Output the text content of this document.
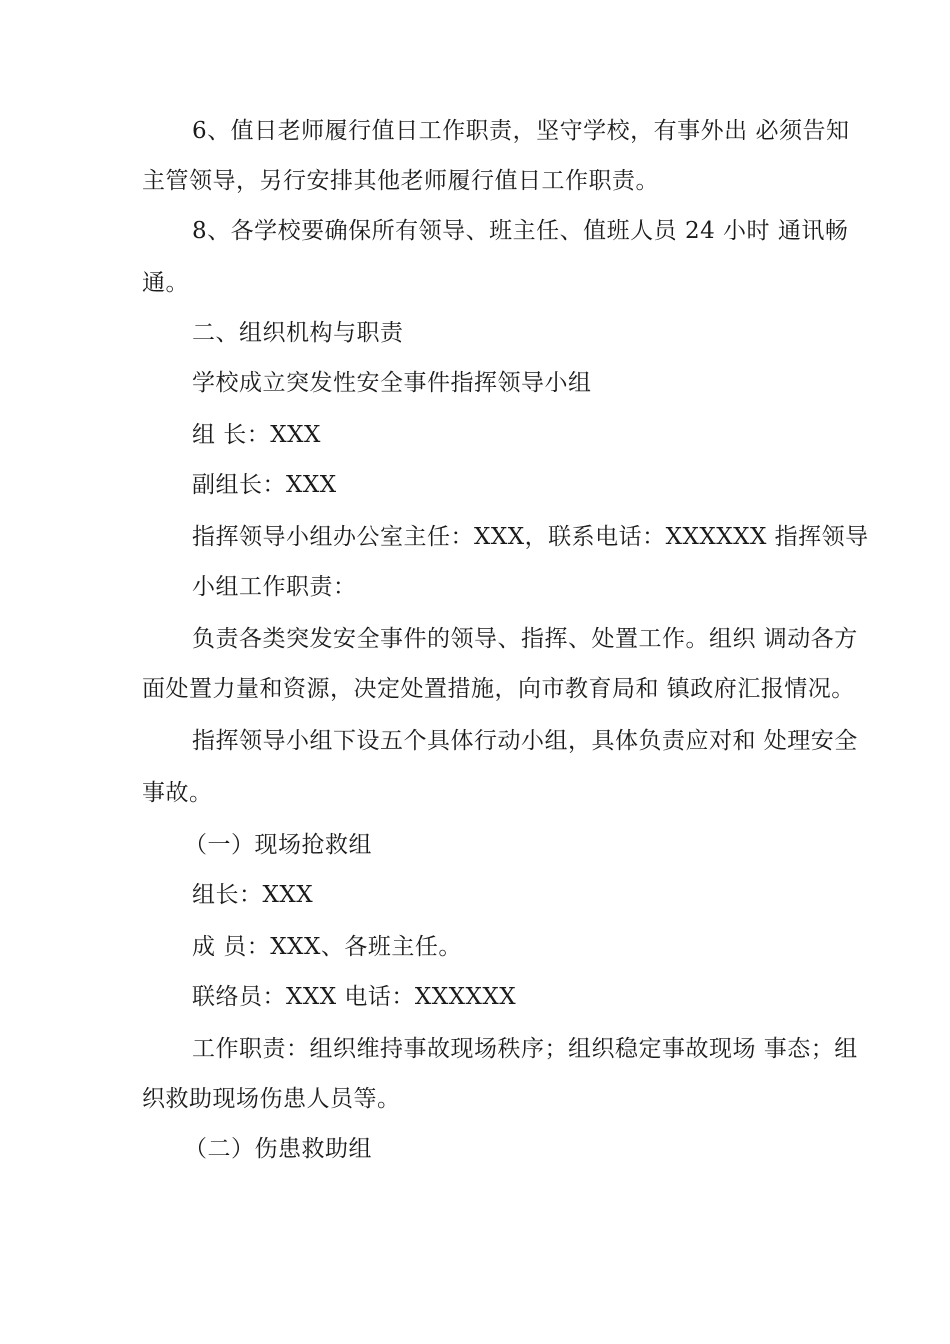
6、值日老师履行值日工作职责，坚守学校，有事外出 必须告知
主管领导，另行安排其他老师履行值日工作职责。
8、各学校要确保所有领导、班主任、值班人员 24 小时 通讯畅
通。
二、组织机构与职责
学校成立突发性安全事件指挥领导小组
组 长：XXX
副组长：XXX
指挥领导小组办公室主任：XXX，联系电话：XXXXXX 指挥领导
小组工作职责：
负责各类突发安全事件的领导、指挥、处置工作。组织 调动各方
面处置力量和资源，决定处置措施，向市教育局和 镇政府汇报情况。
指挥领导小组下设五个具体行动小组，具体负责应对和 处理安全
事故。
（一）现场抢救组
组长：XXX
成 员：XXX、各班主任。
联络员：XXX 电话：XXXXXX
工作职责：组织维持事故现场秩序；组织稳定事故现场 事态；组
织救助现场伤患人员等。
（二）伤患救助组
